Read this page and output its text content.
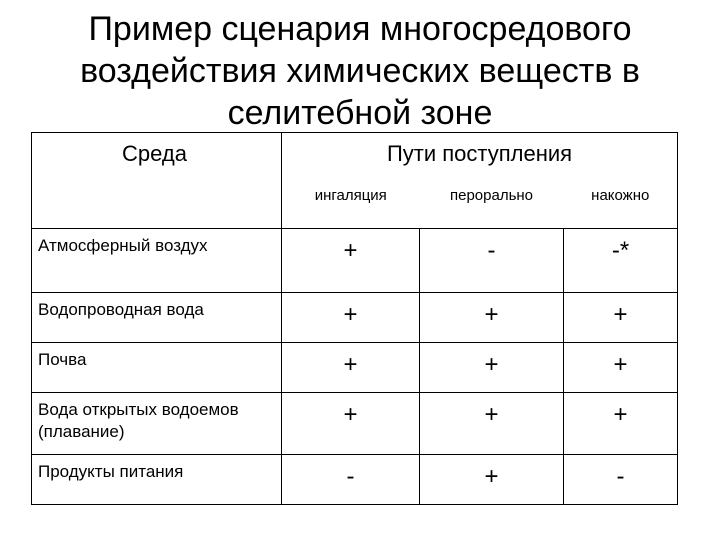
Пример сценария многосредового
воздействия химических веществ в
селитебной зоне
Среда	Пути поступления		
	ингаляция	перорально	накожно
Атмосферный воздух	+	-	-*
Водопроводная вода	+	+	+
Почва	+	+	+
Вода открытых водоемов (плавание)	+	+	+
Продукты питания	-	+	-
